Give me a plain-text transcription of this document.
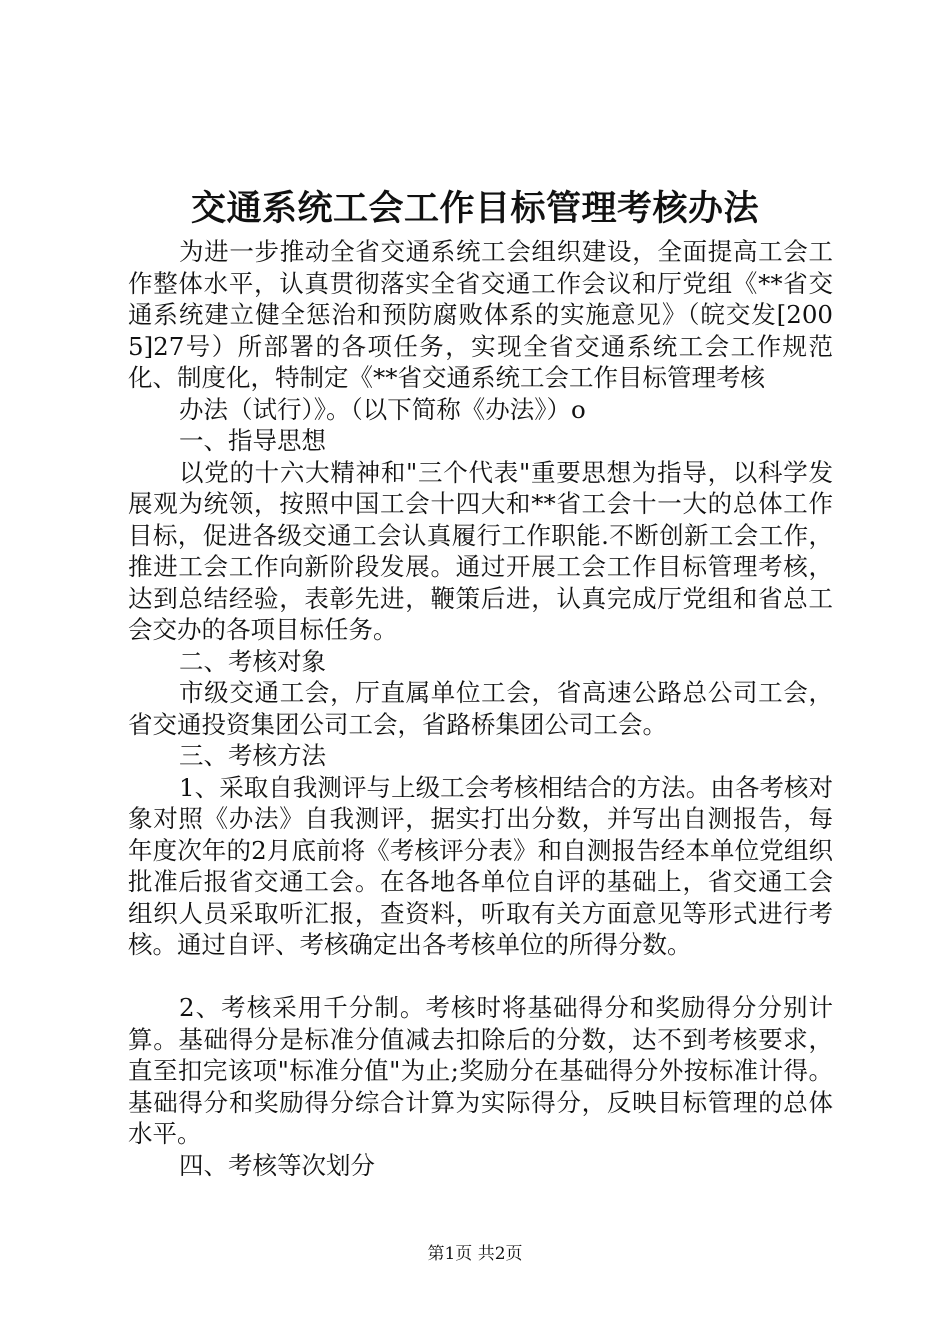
交通系统工会工作目标管理考核办法

为进一步推动全省交通系统工会组织建设，全面提高工会工作整体水平，认真贯彻落实全省交通工作会议和厅党组《**省交通系统建立健全惩治和预防腐败体系的实施意见》（皖交发[2005]27号）所部署的各项任务，实现全省交通系统工会工作规范化、制度化，特制定《**省交通系统工会工作目标管理考核

办法（试行）》。（以下简称《办法》）o

一、指导思想

以党的十六大精神和"三个代表"重要思想为指导，以科学发展观为统领，按照中国工会十四大和**省工会十一大的总体工作目标，促进各级交通工会认真履行工作职能.不断创新工会工作，推进工会工作向新阶段发展。通过开展工会工作目标管理考核，达到总结经验，表彰先进，鞭策后进，认真完成厅党组和省总工会交办的各项目标任务。

二、考核对象

市级交通工会，厅直属单位工会，省高速公路总公司工会，省交通投资集团公司工会，省路桥集团公司工会。

三、考核方法

1、采取自我测评与上级工会考核相结合的方法。由各考核对象对照《办法》自我测评，据实打出分数，并写出自测报告，每年度次年的2月底前将《考核评分表》和自测报告经本单位党组织批准后报省交通工会。在各地各单位自评的基础上，省交通工会组织人员采取听汇报，查资料，听取有关方面意见等形式进行考核。通过自评、考核确定出各考核单位的所得分数。

2、考核采用千分制。考核时将基础得分和奖励得分分别计算。基础得分是标准分值减去扣除后的分数，达不到考核要求，直至扣完该项"标准分值"为止;奖励分在基础得分外按标准计得。基础得分和奖励得分综合计算为实际得分，反映目标管理的总体水平。

四、考核等次划分

第1页 共2页
